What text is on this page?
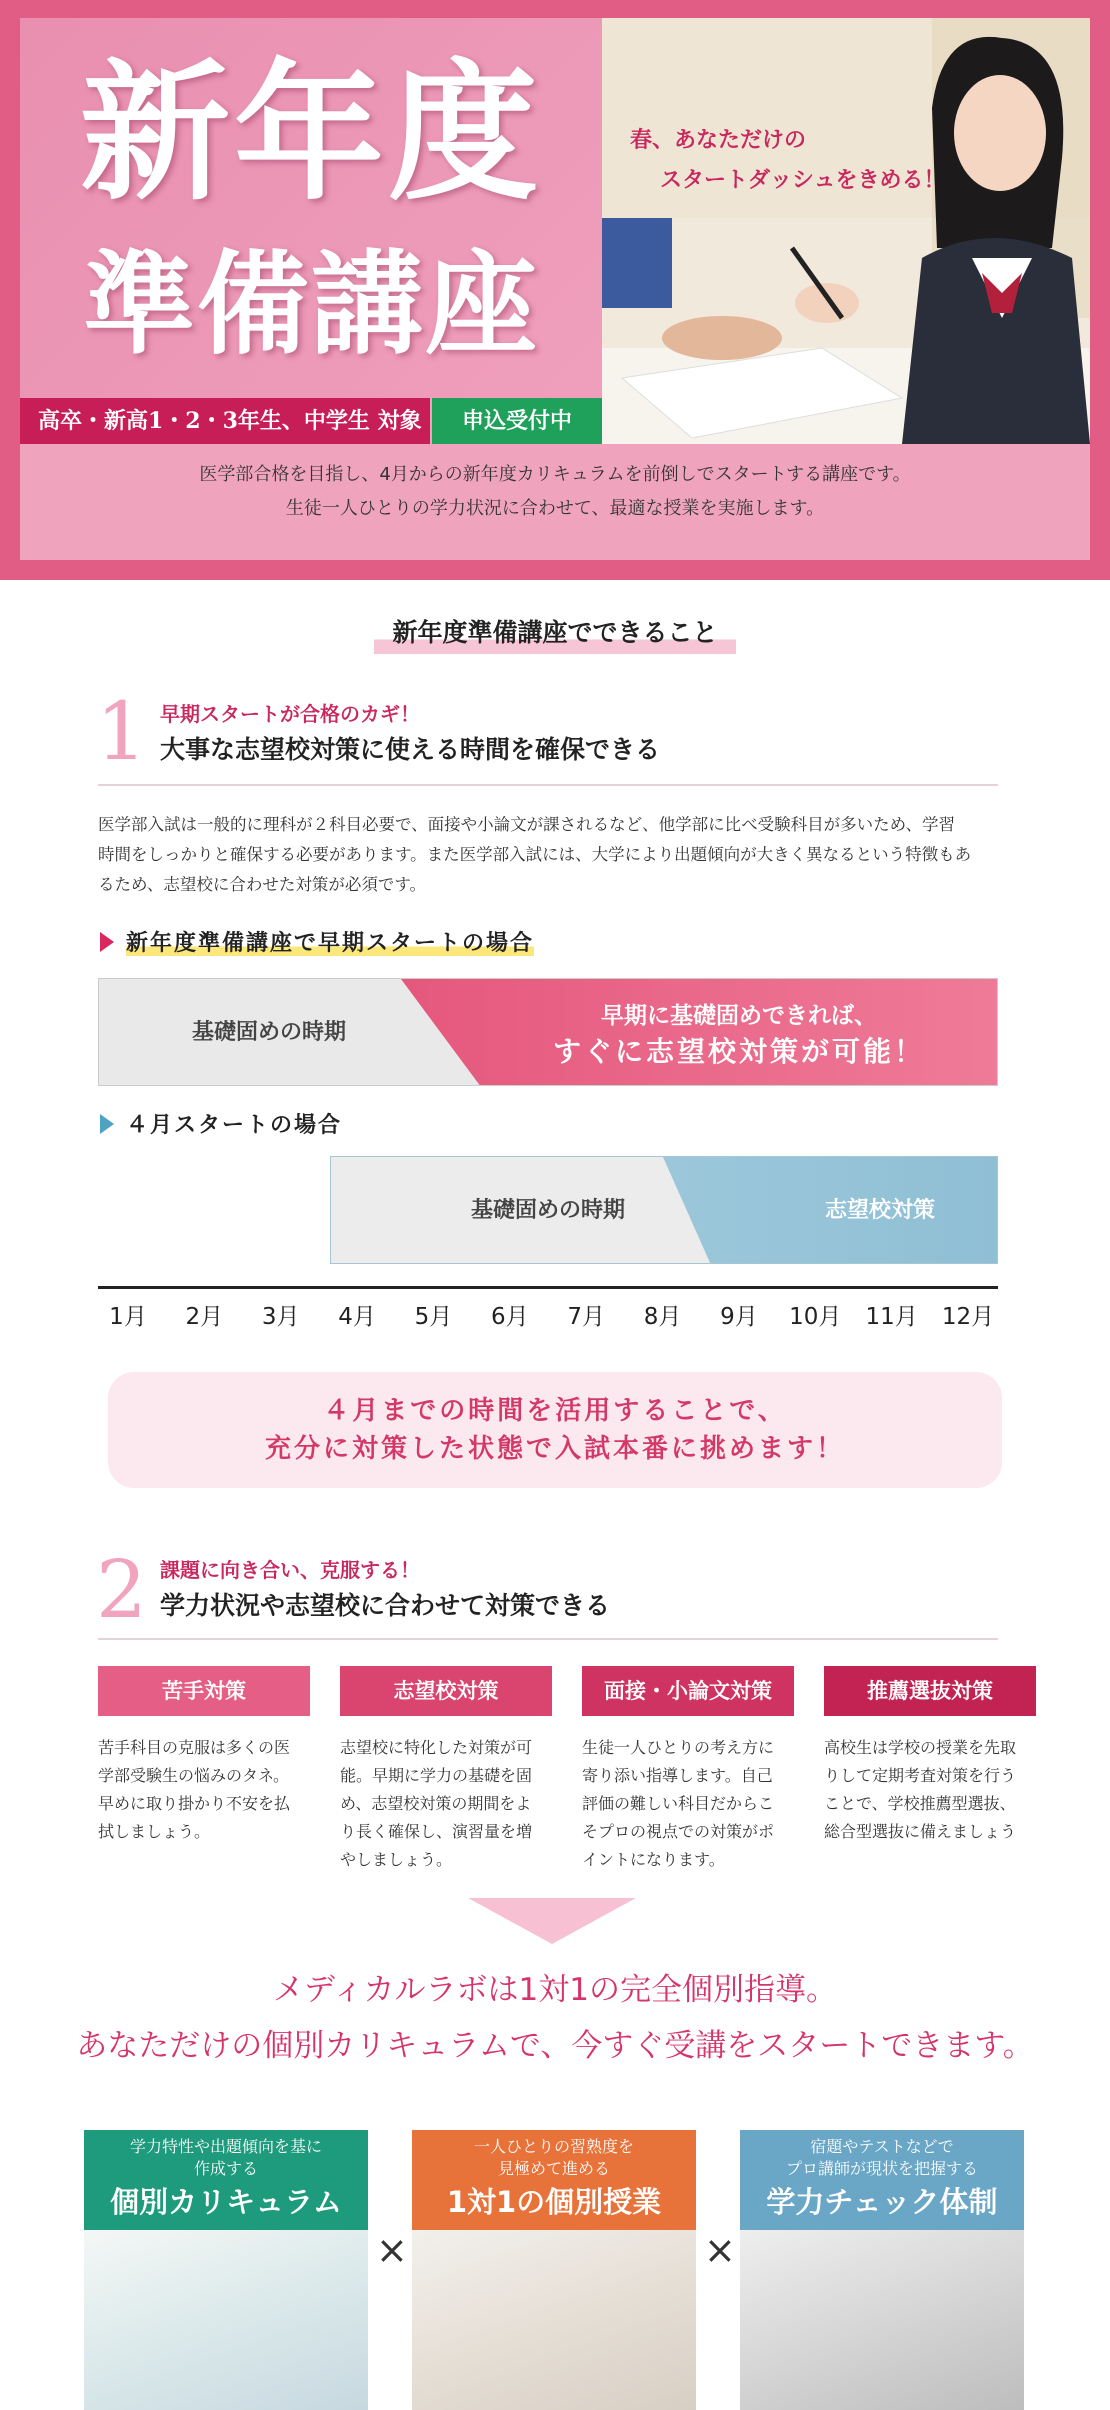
新年度
準備講座
春、あなただけの
スタートダッシュをきめる！
高卒・新高1・2・3年生、中学生 対象	申込受付中
医学部合格を目指し、4月からの新年度カリキュラムを前倒しでスタートする講座です。
生徒一人ひとりの学力状況に合わせて、最適な授業を実施します。
新年度準備講座でできること
1 早期スタートが合格のカギ！
大事な志望校対策に使える時間を確保できる
医学部入試は一般的に理科が２科目必要で、面接や小論文が課されるなど、他学部に比べ受験科目が多いため、学習
時間をしっかりと確保する必要があります。また医学部入試には、大学により出題傾向が大きく異なるという特徴もあ
るため、志望校に合わせた対策が必須です。
新年度準備講座で早期スタートの場合
基礎固めの時期
早期に基礎固めできれば、
すぐに志望校対策が可能！
４月スタートの場合
基礎固めの時期	志望校対策
1月 2月 3月 4月 5月 6月 7月 8月 9月 10月 11月 12月
４月までの時間を活用することで、
充分に対策した状態で入試本番に挑めます！
2 課題に向き合い、克服する！
学力状況や志望校に合わせて対策できる
苦手対策
苦手科目の克服は多くの医
学部受験生の悩みのタネ。
早めに取り掛かり不安を払
拭しましょう。
志望校対策
志望校に特化した対策が可
能。早期に学力の基礎を固
め、志望校対策の期間をよ
り長く確保し、演習量を増
やしましょう。
面接・小論文対策
生徒一人ひとりの考え方に
寄り添い指導します。自己
評価の難しい科目だからこ
そプロの視点での対策がポ
イントになります。
推薦選抜対策
高校生は学校の授業を先取
りして定期考査対策を行う
ことで、学校推薦型選抜、
総合型選抜に備えましょう
メディカルラボは1対1の完全個別指導。
あなただけの個別カリキュラムで、今すぐ受講をスタートできます。
学力特性や出題傾向を基に
作成する
個別カリキュラム
×
一人ひとりの習熟度を
見極めて進める
1対1の個別授業
×
宿題やテストなどで
プロ講師が現状を把握する
学力チェック体制
